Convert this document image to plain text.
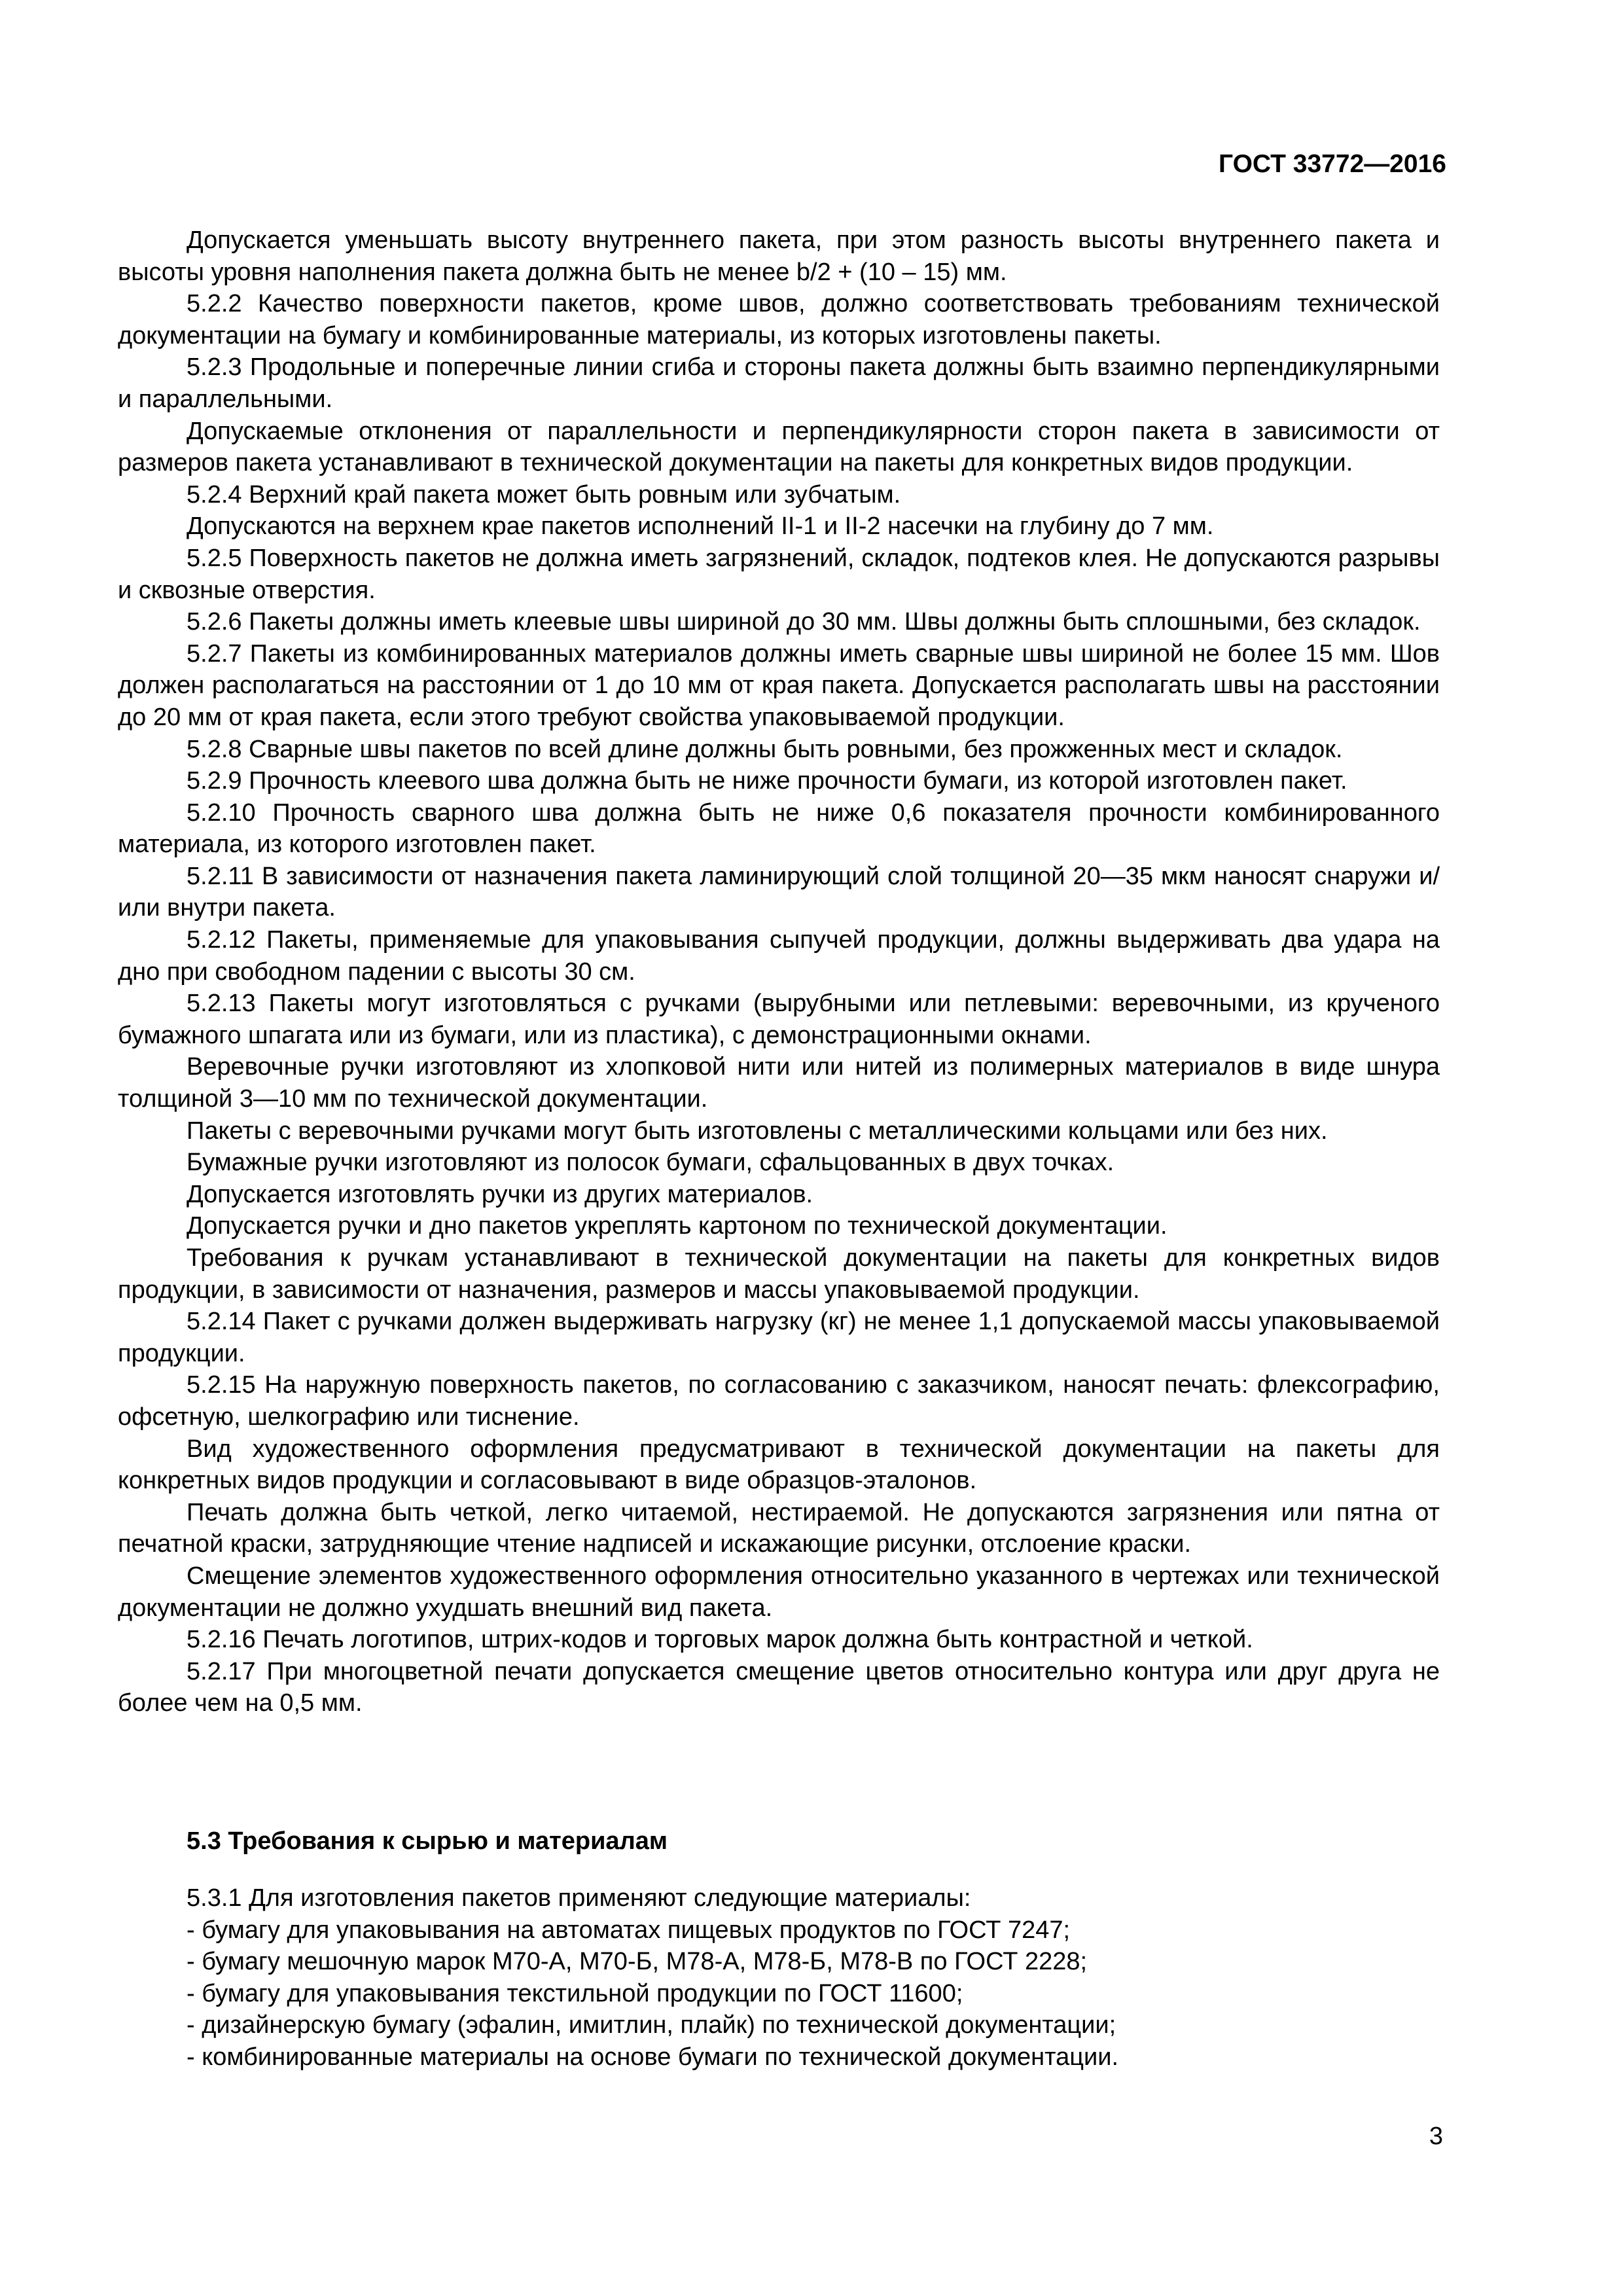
ГОСТ 33772—2016

Допускается уменьшать высоту внутреннего пакета, при этом разность высоты внутреннего пакета и высоты уровня наполнения пакета должна быть не менее b/2 + (10 – 15) мм.

5.2.2 Качество поверхности пакетов, кроме швов, должно соответствовать требованиям технической документации на бумагу и комбинированные материалы, из которых изготовлены пакеты.

5.2.3 Продольные и поперечные линии сгиба и стороны пакета должны быть взаимно перпендикулярными и параллельными.

Допускаемые отклонения от параллельности и перпендикулярности сторон пакета в зависимости от размеров пакета устанавливают в технической документации на пакеты для конкретных видов продукции.

5.2.4 Верхний край пакета может быть ровным или зубчатым.

Допускаются на верхнем крае пакетов исполнений II-1 и II-2 насечки на глубину до 7 мм.

5.2.5 Поверхность пакетов не должна иметь загрязнений, складок, подтеков клея. Не допускаются разрывы и сквозные отверстия.

5.2.6 Пакеты должны иметь клеевые швы шириной до 30 мм. Швы должны быть сплошными, без складок.

5.2.7 Пакеты из комбинированных материалов должны иметь сварные швы шириной не более 15 мм. Шов должен располагаться на расстоянии от 1 до 10 мм от края пакета. Допускается располагать швы на расстоянии до 20 мм от края пакета, если этого требуют свойства упаковываемой продукции.

5.2.8 Сварные швы пакетов по всей длине должны быть ровными, без прожженных мест и складок.

5.2.9 Прочность клеевого шва должна быть не ниже прочности бумаги, из которой изготовлен пакет.

5.2.10 Прочность сварного шва должна быть не ниже 0,6 показателя прочности комбинированного материала, из которого изготовлен пакет.

5.2.11 В зависимости от назначения пакета ламинирующий слой толщиной 20—35 мкм наносят снаружи и/или внутри пакета.

5.2.12 Пакеты, применяемые для упаковывания сыпучей продукции, должны выдерживать два удара на дно при свободном падении с высоты 30 см.

5.2.13 Пакеты могут изготовляться с ручками (вырубными или петлевыми: веревочными, из крученого бумажного шпагата или из бумаги, или из пластика), с демонстрационными окнами.

Веревочные ручки изготовляют из хлопковой нити или нитей из полимерных материалов в виде шнура толщиной 3—10 мм по технической документации.

Пакеты с веревочными ручками могут быть изготовлены с металлическими кольцами или без них.

Бумажные ручки изготовляют из полосок бумаги, сфальцованных в двух точках.

Допускается изготовлять ручки из других материалов.

Допускается ручки и дно пакетов укреплять картоном по технической документации.

Требования к ручкам устанавливают в технической документации на пакеты для конкретных видов продукции, в зависимости от назначения, размеров и массы упаковываемой продукции.

5.2.14 Пакет с ручками должен выдерживать нагрузку (кг) не менее 1,1 допускаемой массы упаковываемой продукции.

5.2.15 На наружную поверхность пакетов, по согласованию с заказчиком, наносят печать: флексографию, офсетную, шелкографию или тиснение.

Вид художественного оформления предусматривают в технической документации на пакеты для конкретных видов продукции и согласовывают в виде образцов-эталонов.

Печать должна быть четкой, легко читаемой, нестираемой. Не допускаются загрязнения или пятна от печатной краски, затрудняющие чтение надписей и искажающие рисунки, отслоение краски.

Смещение элементов художественного оформления относительно указанного в чертежах или технической документации не должно ухудшать внешний вид пакета.

5.2.16 Печать логотипов, штрих-кодов и торговых марок должна быть контрастной и четкой.

5.2.17 При многоцветной печати допускается смещение цветов относительно контура или друг друга не более чем на 0,5 мм.

5.3 Требования к сырью и материалам

5.3.1 Для изготовления пакетов применяют следующие материалы:

- бумагу для упаковывания на автоматах пищевых продуктов по ГОСТ 7247;

- бумагу мешочную марок М70-А, М70-Б, М78-А, М78-Б, М78-В по ГОСТ 2228;

- бумагу для упаковывания текстильной продукции по ГОСТ 11600;

- дизайнерскую бумагу (эфалин, имитлин, плайк) по технической документации;

- комбинированные материалы на основе бумаги по технической документации.

3
